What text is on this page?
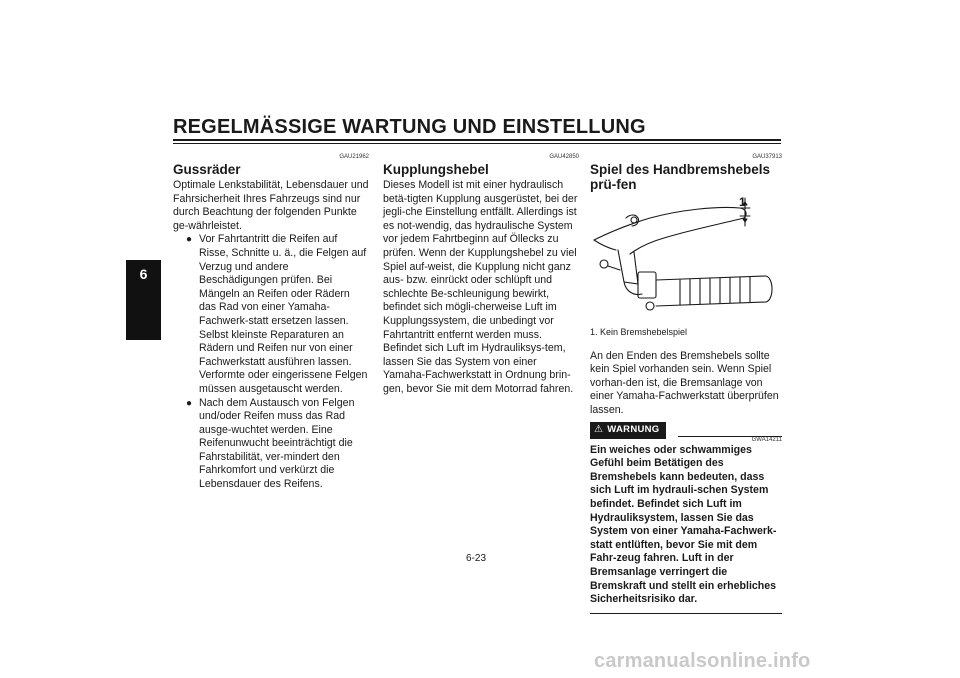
REGELMÄSSIGE WARTUNG UND EINSTELLUNG
6
GAU21962
Gussräder

Optimale Lenkstabilität, Lebensdauer und Fahrsicherheit Ihres Fahrzeugs sind nur durch Beachtung der folgenden Punkte ge-währleistet.

● Vor Fahrtantritt die Reifen auf Risse, Schnitte u. ä., die Felgen auf Verzug und andere Beschädigungen prüfen. Bei Mängeln an Reifen oder Rädern das Rad von einer Yamaha-Fachwerk-statt ersetzen lassen. Selbst kleinste Reparaturen an Rädern und Reifen nur von einer Fachwerkstatt ausführen lassen. Verformte oder eingerissene Felgen müssen ausgetauscht werden.
● Nach dem Austausch von Felgen und/oder Reifen muss das Rad ausge-wuchtet werden. Eine Reifenunwucht beeinträchtigt die Fahrstabilität, ver-mindert den Fahrkomfort und verkürzt die Lebensdauer des Reifens.
GAU42850
Kupplungshebel

Dieses Modell ist mit einer hydraulisch betä-tigten Kupplung ausgerüstet, bei der jegli-che Einstellung entfällt. Allerdings ist es not-wendig, das hydraulische System vor jedem Fahrtbeginn auf Öllecks zu prüfen. Wenn der Kupplungshebel zu viel Spiel auf-weist, die Kupplung nicht ganz aus- bzw. einrückt oder schlüpft und schlechte Be-schleunigung bewirkt, befindet sich mögli-cherweise Luft im Kupplungssystem, die unbedingt vor Fahrtantritt entfernt werden muss. Befindet sich Luft im Hydrauliksys-tem, lassen Sie das System von einer Yamaha-Fachwerkstatt in Ordnung brin-gen, bevor Sie mit dem Motorrad fahren.

GAU37913
Spiel des Handbremshebels prü-fen
1
1. Kein Bremshebelspiel

An den Enden des Bremshebels sollte kein Spiel vorhanden sein. Wenn Spiel vorhan-den ist, die Bremsanlage von einer Yamaha-Fachwerkstatt überprüfen lassen.

⚠ WARNUNG
GWA14211

Ein weiches oder schwammiges Gefühl beim Betätigen des Bremshebels kann bedeuten, dass sich Luft im hydrauli-schen System befindet. Befindet sich Luft im Hydrauliksystem, lassen Sie das System von einer Yamaha-Fachwerk-statt entlüften, bevor Sie mit dem Fahr-zeug fahren. Luft in der Bremsanlage verringert die Bremskraft und stellt ein erhebliches Sicherheitsrisiko dar.

6-23
carmanualsonline.info
